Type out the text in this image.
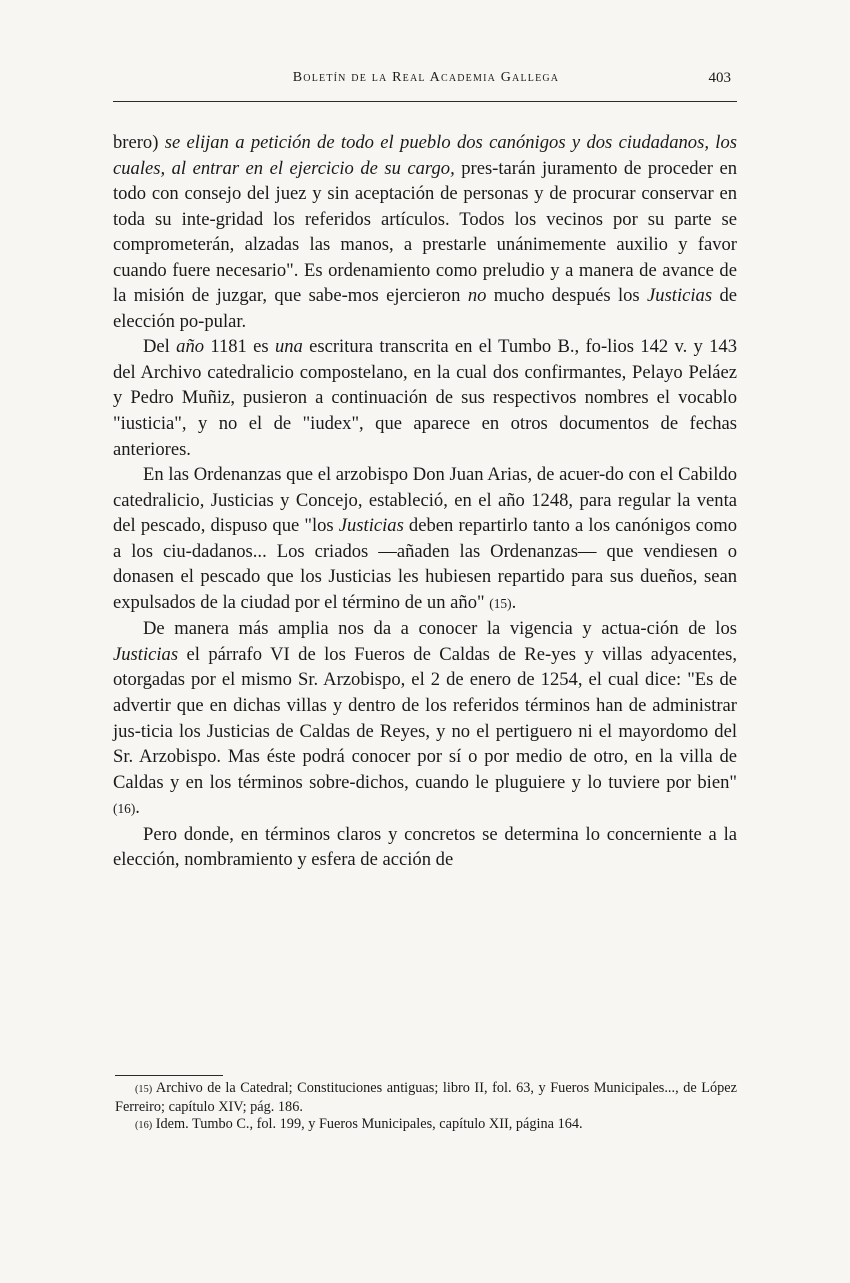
Boletín de la Real Academia Gallega	403

brero) se elijan a petición de todo el pueblo dos canónigos y dos ciudadanos, los cuales, al entrar en el ejercicio de su cargo, pres-tarán juramento de proceder en todo con consejo del juez y sin aceptación de personas y de procurar conservar en toda su inte-gridad los referidos artículos. Todos los vecinos por su parte se comprometerán, alzadas las manos, a prestarle unánimemente auxilio y favor cuando fuere necesario". Es ordenamiento como preludio y a manera de avance de la misión de juzgar, que sabe-mos ejercieron no mucho después los Justicias de elección po-pular.

Del año 1181 es una escritura transcrita en el Tumbo B., fo-lios 142 v. y 143 del Archivo catedralicio compostelano, en la cual dos confirmantes, Pelayo Peláez y Pedro Muñiz, pusieron a continuación de sus respectivos nombres el vocablo "iusticia", y no el de "iudex", que aparece en otros documentos de fechas anteriores.

En las Ordenanzas que el arzobispo Don Juan Arias, de acuer-do con el Cabildo catedralicio, Justicias y Concejo, estableció, en el año 1248, para regular la venta del pescado, dispuso que "los Justicias deben repartirlo tanto a los canónigos como a los ciu-dadanos... Los criados —añaden las Ordenanzas— que vendiesen o donasen el pescado que los Justicias les hubiesen repartido para sus dueños, sean expulsados de la ciudad por el término de un año" (15).

De manera más amplia nos da a conocer la vigencia y actua-ción de los Justicias el párrafo VI de los Fueros de Caldas de Re-yes y villas adyacentes, otorgadas por el mismo Sr. Arzobispo, el 2 de enero de 1254, el cual dice: "Es de advertir que en dichas villas y dentro de los referidos términos han de administrar jus-ticia los Justicias de Caldas de Reyes, y no el pertiguero ni el mayordomo del Sr. Arzobispo. Mas éste podrá conocer por sí o por medio de otro, en la villa de Caldas y en los términos sobre-dichos, cuando le pluguiere y lo tuviere por bien" (16).

Pero donde, en términos claros y concretos se determina lo concerniente a la elección, nombramiento y esfera de acción de

(15) Archivo de la Catedral; Constituciones antiguas; libro II, fol. 63, y Fueros Municipales..., de López Ferreiro; capítulo XIV; pág. 186.

(16) Idem. Tumbo C., fol. 199, y Fueros Municipales, capítulo XII, página 164.
